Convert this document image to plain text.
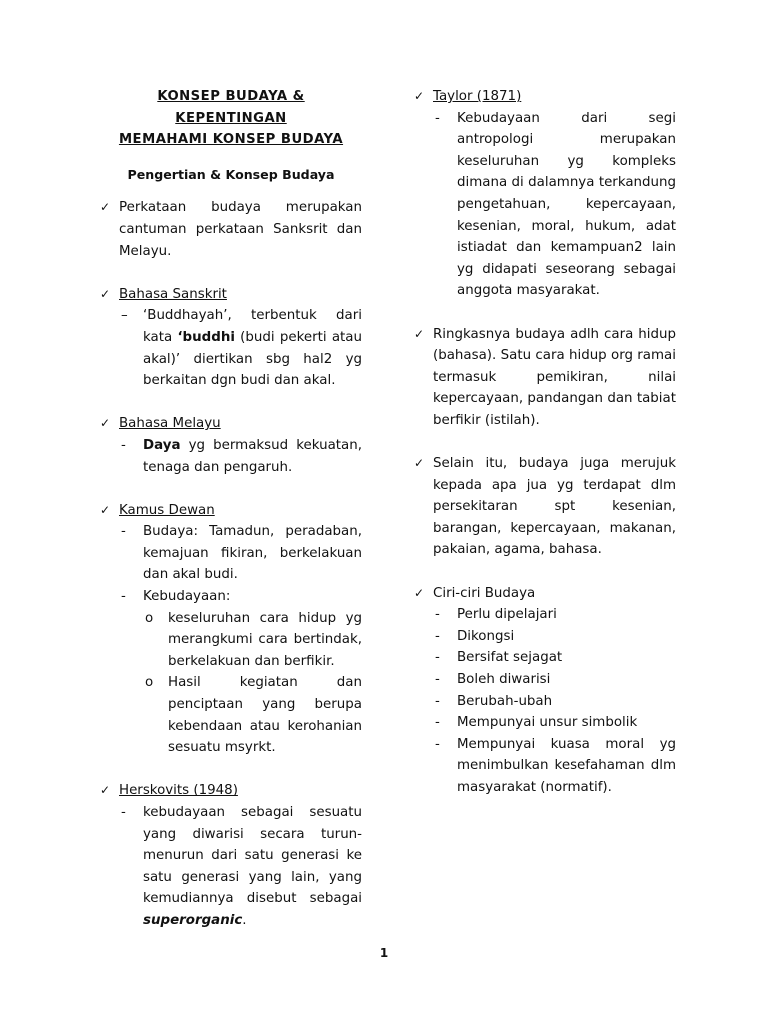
KONSEP BUDAYA & KEPENTINGAN
MEMAHAMI KONSEP BUDAYA
Pengertian & Konsep Budaya
✓ Perkataan budaya merupakan cantuman perkataan Sanksrit dan Melayu.
✓ Bahasa Sanskrit
– ‘Buddhayah’, terbentuk dari kata ‘buddhi (budi pekerti atau akal)’ diertikan sbg hal2 yg berkaitan dgn budi dan akal.
✓ Bahasa Melayu
- Daya yg bermaksud kekuatan, tenaga dan pengaruh.
✓ Kamus Dewan
- Budaya: Tamadun, peradaban, kemajuan fikiran, berkelakuan dan akal budi.
- Kebudayaan:
o keseluruhan cara hidup yg merangkumi cara bertindak, berkelakuan dan berfikir.
o Hasil kegiatan dan penciptaan yang berupa kebendaan atau kerohanian sesuatu msyrkt.
✓ Herskovits (1948)
- kebudayaan sebagai sesuatu yang diwarisi secara turun-menurun dari satu generasi ke satu generasi yang lain, yang kemudiannya disebut sebagai superorganic.
✓ Taylor (1871)
- Kebudayaan dari segi antropologi merupakan keseluruhan yg kompleks dimana di dalamnya terkandung pengetahuan, kepercayaan, kesenian, moral, hukum, adat istiadat dan kemampuan2 lain yg didapati seseorang sebagai anggota masyarakat.
✓ Ringkasnya budaya adlh cara hidup (bahasa). Satu cara hidup org ramai termasuk pemikiran, nilai kepercayaan, pandangan dan tabiat berfikir (istilah).
✓ Selain itu, budaya juga merujuk kepada apa jua yg terdapat dlm persekitaran spt kesenian, barangan, kepercayaan, makanan, pakaian, agama, bahasa.
✓ Ciri-ciri Budaya
- Perlu dipelajari
- Dikongsi
- Bersifat sejagat
- Boleh diwarisi
- Berubah-ubah
- Mempunyai unsur simbolik
- Mempunyai kuasa moral yg menimbulkan kesefahaman dlm masyarakat (normatif).
1
